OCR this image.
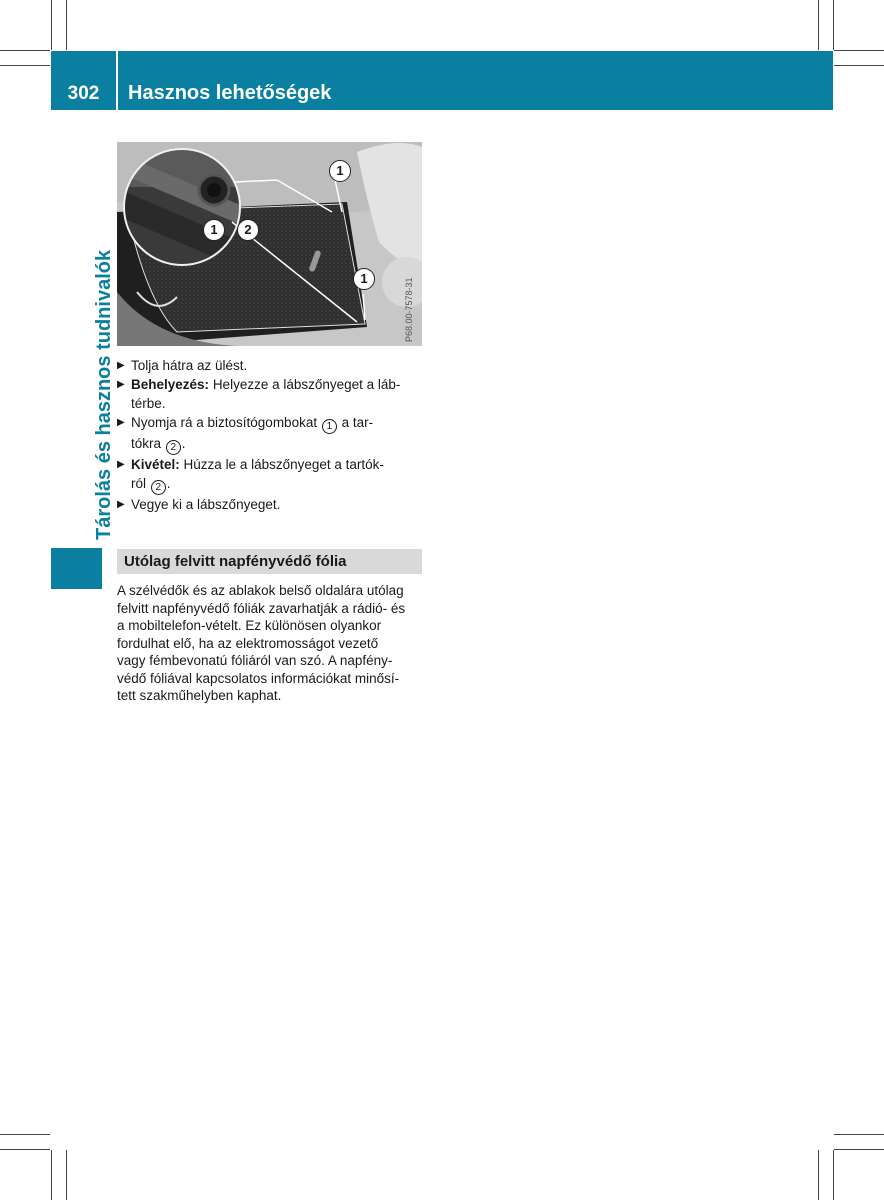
302	Hasznos lehetőségek
Tárolás és hasznos tudnivalók
1
1
1	2
P68.00-7578-31
▶ Tolja hátra az ülést.
▶ Behelyezés: Helyezze a lábszőnyeget a láb-
térbe.
▶ Nyomja rá a biztosítógombokat 1 a tar-
tókra 2 .
▶ Kivétel: Húzza le a lábszőnyeget a tartók-
ról 2 .
▶ Vegye ki a lábszőnyeget.
Utólag felvitt napfényvédő fólia
A szélvédők és az ablakok belső oldalára utólag
felvitt napfényvédő fóliák zavarhatják a rádió- és
a mobiltelefon-vételt. Ez különösen olyankor
fordulhat elő, ha az elektromosságot vezető
vagy fémbevonatú fóliáról van szó. A napfény-
védő fóliával kapcsolatos információkat minősí-
tett szakműhelyben kaphat.
